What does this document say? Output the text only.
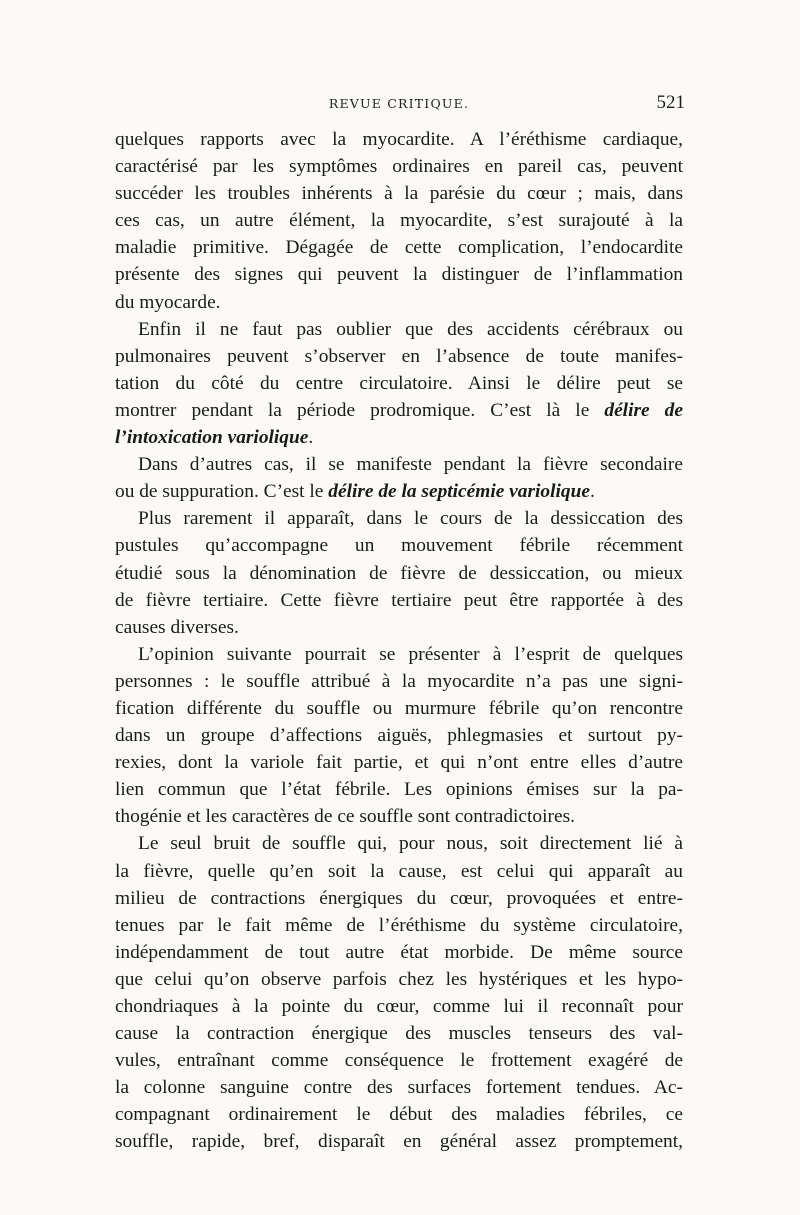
REVUE CRITIQUE.	521
quelques rapports avec la myocardite. A l’éréthisme cardiaque,
caractérisé par les symptômes ordinaires en pareil cas, peuvent
succéder les troubles inhérents à la parésie du cœur ; mais, dans
ces cas, un autre élément, la myocardite, s’est surajouté à la
maladie primitive. Dégagée de cette complication, l’endocardite
présente des signes qui peuvent la distinguer de l’inflammation
du myocarde.
Enfin il ne faut pas oublier que des accidents cérébraux ou
pulmonaires peuvent s’observer en l’absence de toute manifes-
tation du côté du centre circulatoire. Ainsi le délire peut se
montrer pendant la période prodromique. C’est là le délire de
l’intoxication variolique.
Dans d’autres cas, il se manifeste pendant la fièvre secondaire
ou de suppuration. C’est le délire de la septicémie variolique.
Plus rarement il apparaît, dans le cours de la dessiccation des
pustules qu’accompagne un mouvement fébrile récemment
étudié sous la dénomination de fièvre de dessiccation, ou mieux
de fièvre tertiaire. Cette fièvre tertiaire peut être rapportée à des
causes diverses.
L’opinion suivante pourrait se présenter à l’esprit de quelques
personnes : le souffle attribué à la myocardite n’a pas une signi-
fication différente du souffle ou murmure fébrile qu’on rencontre
dans un groupe d’affections aiguës, phlegmasies et surtout py-
rexies, dont la variole fait partie, et qui n’ont entre elles d’autre
lien commun que l’état fébrile. Les opinions émises sur la pa-
thogénie et les caractères de ce souffle sont contradictoires.
Le seul bruit de souffle qui, pour nous, soit directement lié à
la fièvre, quelle qu’en soit la cause, est celui qui apparaît au
milieu de contractions énergiques du cœur, provoquées et entre-
tenues par le fait même de l’éréthisme du système circulatoire,
indépendamment de tout autre état morbide. De même source
que celui qu’on observe parfois chez les hystériques et les hypo-
chondriaques à la pointe du cœur, comme lui il reconnaît pour
cause la contraction énergique des muscles tenseurs des val-
vules, entraînant comme conséquence le frottement exagéré de
la colonne sanguine contre des surfaces fortement tendues. Ac-
compagnant ordinairement le début des maladies fébriles, ce
souffle, rapide, bref, disparaît en général assez promptement,
